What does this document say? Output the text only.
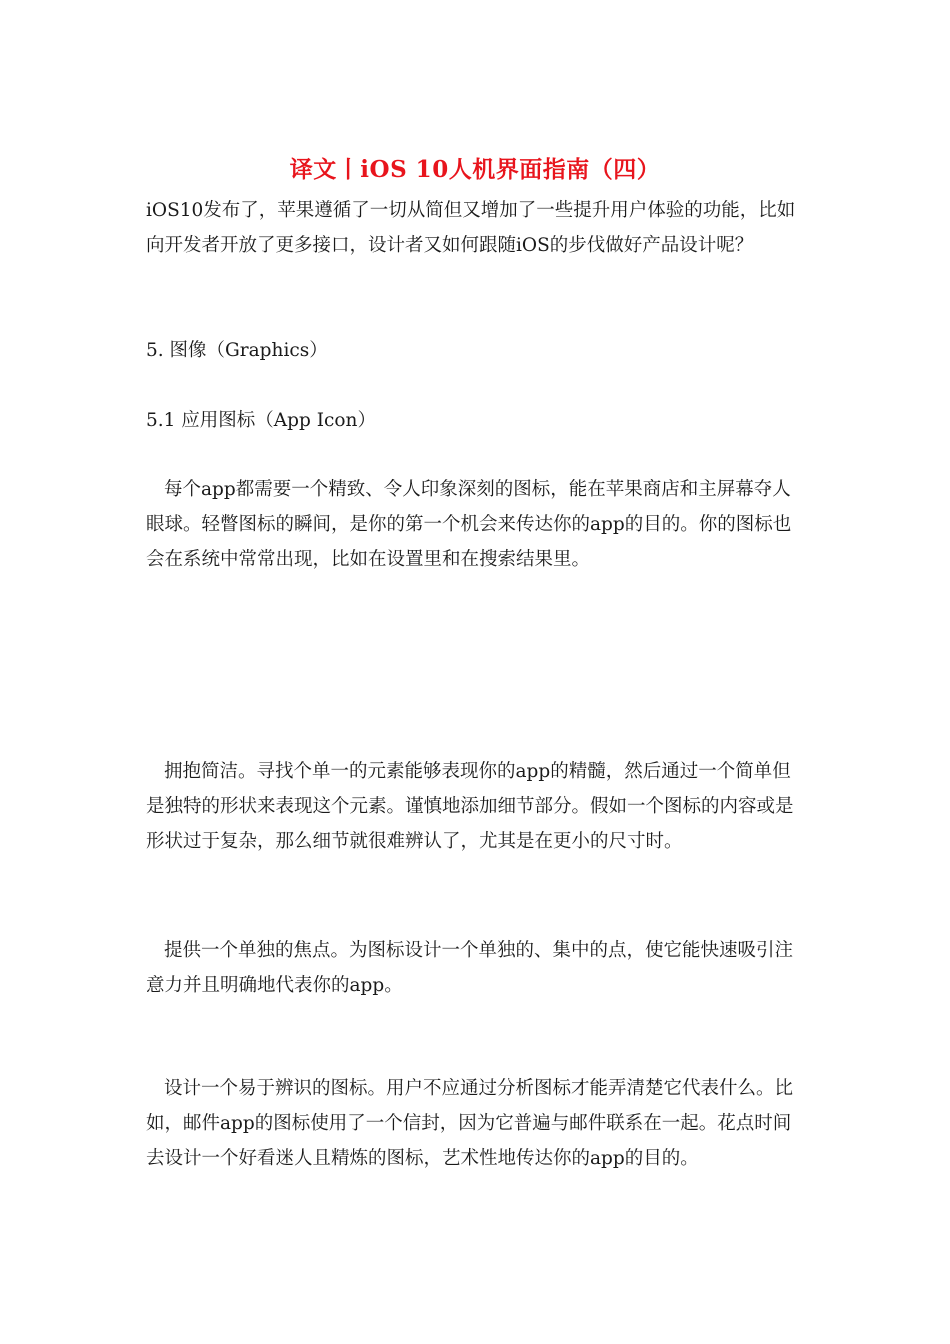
译文丨iOS 10人机界面指南（四）

iOS10发布了，苹果遵循了一切从简但又增加了一些提升用户体验的功能，比如向开发者开放了更多接口，设计者又如何跟随iOS的步伐做好产品设计呢？

5. 图像（Graphics）

5.1 应用图标（App Icon）

每个app都需要一个精致、令人印象深刻的图标，能在苹果商店和主屏幕夺人眼球。轻瞥图标的瞬间，是你的第一个机会来传达你的app的目的。你的图标也会在系统中常常出现，比如在设置里和在搜索结果里。

拥抱简洁。寻找个单一的元素能够表现你的app的精髓，然后通过一个简单但是独特的形状来表现这个元素。谨慎地添加细节部分。假如一个图标的内容或是形状过于复杂，那么细节就很难辨认了，尤其是在更小的尺寸时。

提供一个单独的焦点。为图标设计一个单独的、集中的点，使它能快速吸引注意力并且明确地代表你的app。

设计一个易于辨识的图标。用户不应通过分析图标才能弄清楚它代表什么。比如，邮件app的图标使用了一个信封，因为它普遍与邮件联系在一起。花点时间去设计一个好看迷人且精炼的图标，艺术性地传达你的app的目的。
